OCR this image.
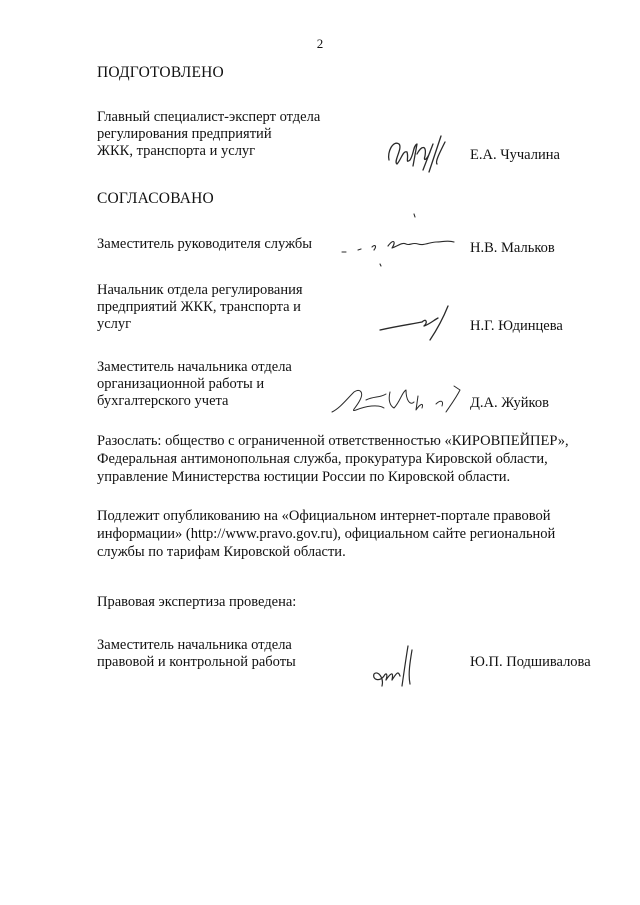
2
ПОДГОТОВЛЕНО
Главный специалист-эксперт отдела
регулирования предприятий
ЖКК, транспорта и услуг	Е.А. Чучалина
СОГЛАСОВАНО
Заместитель руководителя службы	Н.В. Мальков
Начальник отдела регулирования
предприятий ЖКК, транспорта и
услуг	Н.Г. Юдинцева
Заместитель начальника отдела
организационной работы и
бухгалтерского учета	Д.А. Жуйков
Разослать: общество с ограниченной ответственностью «КИРОВПЕЙПЕР»,
Федеральная антимонопольная служба, прокуратура Кировской области,
управление Министерства юстиции России по Кировской области.
Подлежит опубликованию на «Официальном интернет-портале правовой
информации» (http://www.pravo.gov.ru), официальном сайте региональной
службы по тарифам Кировской области.
Правовая экспертиза проведена:
Заместитель начальника отдела
правовой и контрольной работы	Ю.П. Подшивалова
